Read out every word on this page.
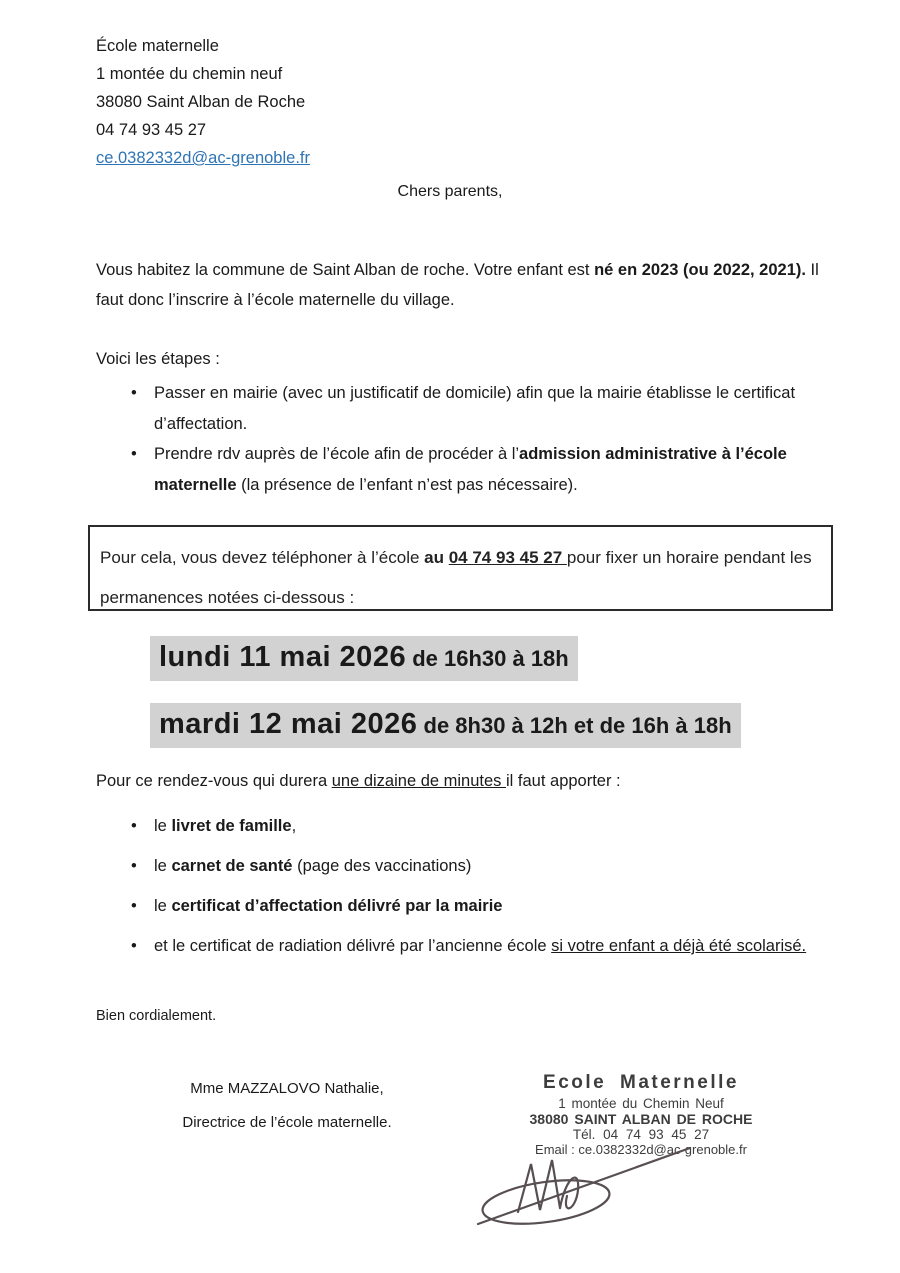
École maternelle
1 montée du chemin neuf
38080 Saint Alban de Roche
04 74 93 45 27
ce.0382332d@ac-grenoble.fr
Chers parents,
Vous habitez la commune de Saint Alban de roche. Votre enfant est né en 2023 (ou 2022, 2021). Il faut donc l’inscrire à l’école maternelle du village.
Voici les étapes :
• Passer en mairie (avec un justificatif de domicile) afin que la mairie établisse le certificat d’affectation.
• Prendre rdv auprès de l’école afin de procéder à l’admission administrative à l’école maternelle (la présence de l’enfant n’est pas nécessaire).
Pour cela, vous devez téléphoner à l’école au 04 74 93 45 27 pour fixer un horaire pendant les permanences notées ci-dessous :
lundi 11 mai 2026 de 16h30 à 18h
mardi 12 mai 2026 de 8h30 à 12h et de 16h à 18h
Pour ce rendez-vous qui durera une dizaine de minutes il faut apporter :
• le livret de famille,
• le carnet de santé (page des vaccinations)
• le certificat d’affectation délivré par la mairie
• et le certificat de radiation délivré par l’ancienne école si votre enfant a déjà été scolarisé.
Bien cordialement.
Mme MAZZALOVO Nathalie,
Directrice de l’école maternelle.
Ecole Maternelle
1 montée du Chemin Neuf
38080 SAINT ALBAN DE ROCHE
Tél. 04 74 93 45 27
Email : ce.0382332d@ac-grenoble.fr
